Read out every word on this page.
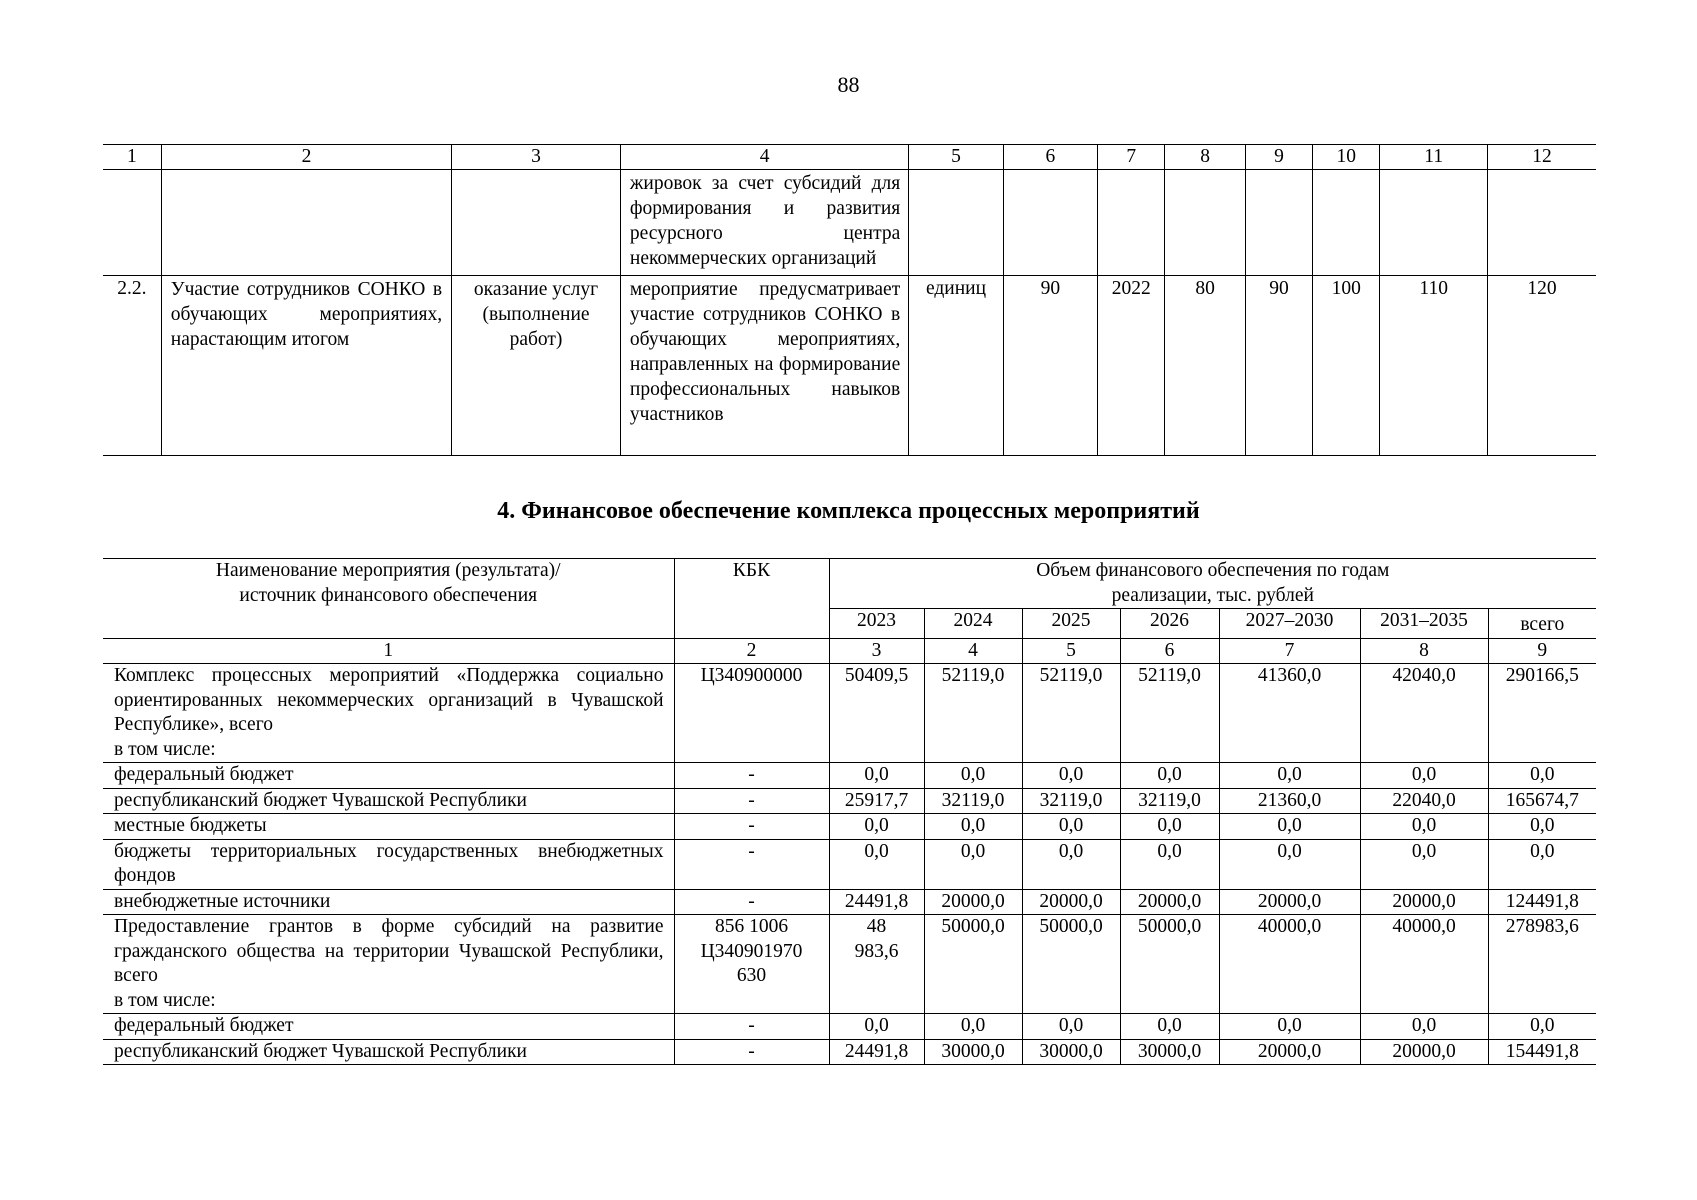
88
1	2	3	4	5	6	7	8	9	10	11	12
			жировок за счет субсидий для формирования и развития ресурсного центра некоммерческих организаций								
2.2.	Участие сотрудников СОНКО в обучающих мероприятиях, нарастающим итогом	оказание услуг (выполнение работ)	мероприятие предусматривает участие сотрудников СОНКО в обучающих мероприятиях, направленных на формирование профессиональных навыков участников	единиц	90	2022	80	90	100	110	120
4. Финансовое обеспечение комплекса процессных мероприятий
Наименование мероприятия (результата)/ источник финансового обеспечения	КБК	Объем финансового обеспечения по годам реализации, тыс. рублей						
		2023	2024	2025	2026	2027–2030	2031–2035	всего
1	2	3	4	5	6	7	8	9

Комплекс процессных мероприятий «Поддержка социально ориентированных некоммерческих организаций в Чувашской Республике», всего
в том числе:	Ц340900000	50409,5	52119,0	52119,0	52119,0	41360,0	42040,0	290166,5
федеральный бюджет	-	0,0	0,0	0,0	0,0	0,0	0,0	0,0
республиканский бюджет Чувашской Республики	-	25917,7	32119,0	32119,0	32119,0	21360,0	22040,0	165674,7
местные бюджеты	-	0,0	0,0	0,0	0,0	0,0	0,0	0,0
бюджеты территориальных государственных внебюджетных фондов	-	0,0	0,0	0,0	0,0	0,0	0,0	0,0
внебюджетные источники	-	24491,8	20000,0	20000,0	20000,0	20000,0	20000,0	124491,8

Предоставление грантов в форме субсидий на развитие гражданского общества на территории Чувашской Республики, всего
в том числе:	856 1006 Ц340901970 630	48 983,6	50000,0	50000,0	50000,0	40000,0	40000,0	278983,6
федеральный бюджет	-	0,0	0,0	0,0	0,0	0,0	0,0	0,0
республиканский бюджет Чувашской Республики	-	24491,8	30000,0	30000,0	30000,0	20000,0	20000,0	154491,8
